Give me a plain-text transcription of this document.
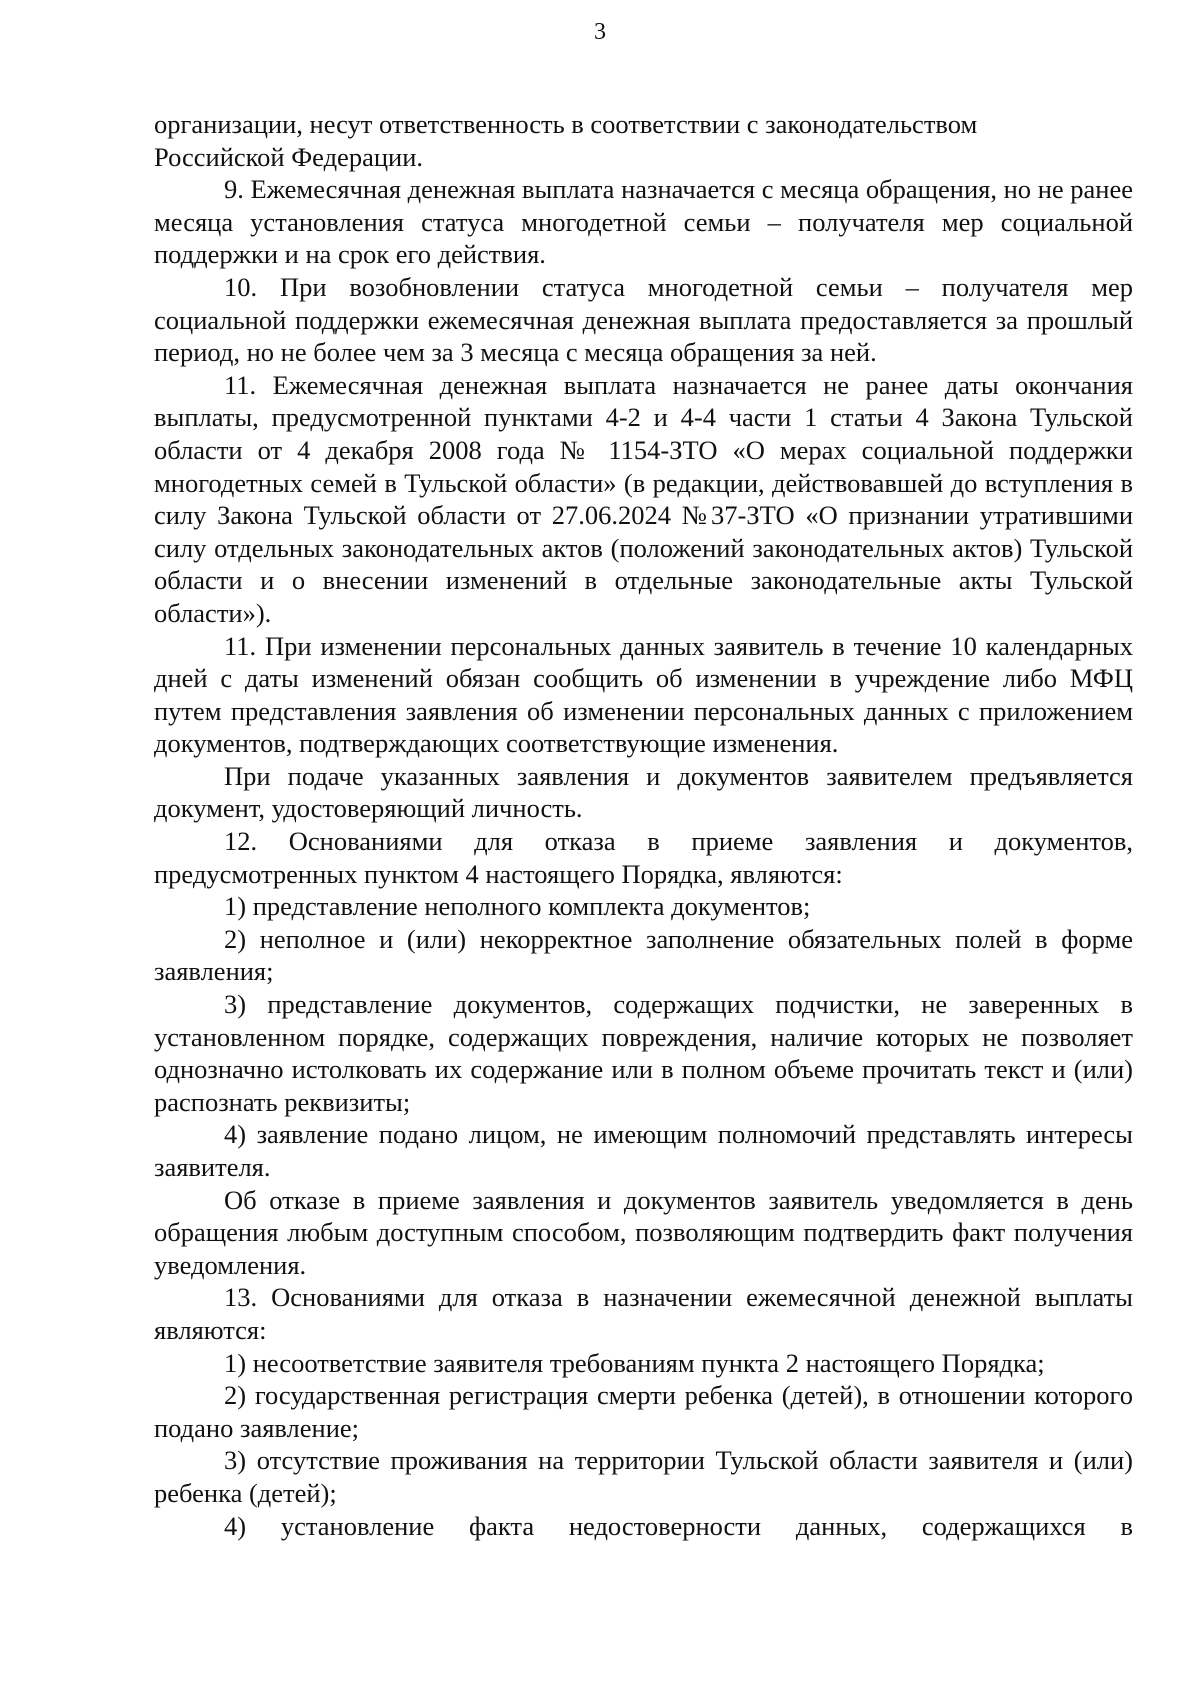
3

организации, несут ответственность в соответствии с законодательством
Российской Федерации.

9. Ежемесячная денежная выплата назначается с месяца обращения, но не ранее месяца установления статуса многодетной семьи – получателя мер социальной поддержки и на срок его действия.

10. При возобновлении статуса многодетной семьи – получателя мер социальной поддержки ежемесячная денежная выплата предоставляется за прошлый период, но не более чем за 3 месяца с месяца обращения за ней.

11. Ежемесячная денежная выплата назначается не ранее даты окончания выплаты, предусмотренной пунктами 4-2 и 4-4 части 1 статьи 4 Закона Тульской области от 4 декабря 2008 года № 1154-ЗТО «О мерах социальной поддержки многодетных семей в Тульской области» (в редакции, действовавшей до вступления в силу Закона Тульской области от 27.06.2024 №37-ЗТО «О признании утратившими силу отдельных законодательных актов (положений законодательных актов) Тульской области и о внесении изменений в отдельные законодательные акты Тульской области»).

11. При изменении персональных данных заявитель в течение 10 календарных дней с даты изменений обязан сообщить об изменении в учреждение либо МФЦ путем представления заявления об изменении персональных данных с приложением документов, подтверждающих соответствующие изменения.

При подаче указанных заявления и документов заявителем предъявляется документ, удостоверяющий личность.

12. Основаниями для отказа в приеме заявления и документов, предусмотренных пунктом 4 настоящего Порядка, являются:

1) представление неполного комплекта документов;

2) неполное и (или) некорректное заполнение обязательных полей в форме заявления;

3) представление документов, содержащих подчистки, не заверенных в установленном порядке, содержащих повреждения, наличие которых не позволяет однозначно истолковать их содержание или в полном объеме прочитать текст и (или) распознать реквизиты;

4) заявление подано лицом, не имеющим полномочий представлять интересы заявителя.

Об отказе в приеме заявления и документов заявитель уведомляется в день обращения любым доступным способом, позволяющим подтвердить факт получения уведомления.

13. Основаниями для отказа в назначении ежемесячной денежной выплаты являются:

1) несоответствие заявителя требованиям пункта 2 настоящего Порядка;

2) государственная регистрация смерти ребенка (детей), в отношении которого подано заявление;

3) отсутствие проживания на территории Тульской области заявителя и (или) ребенка (детей);

4) установление факта недостоверности данных, содержащихся в
